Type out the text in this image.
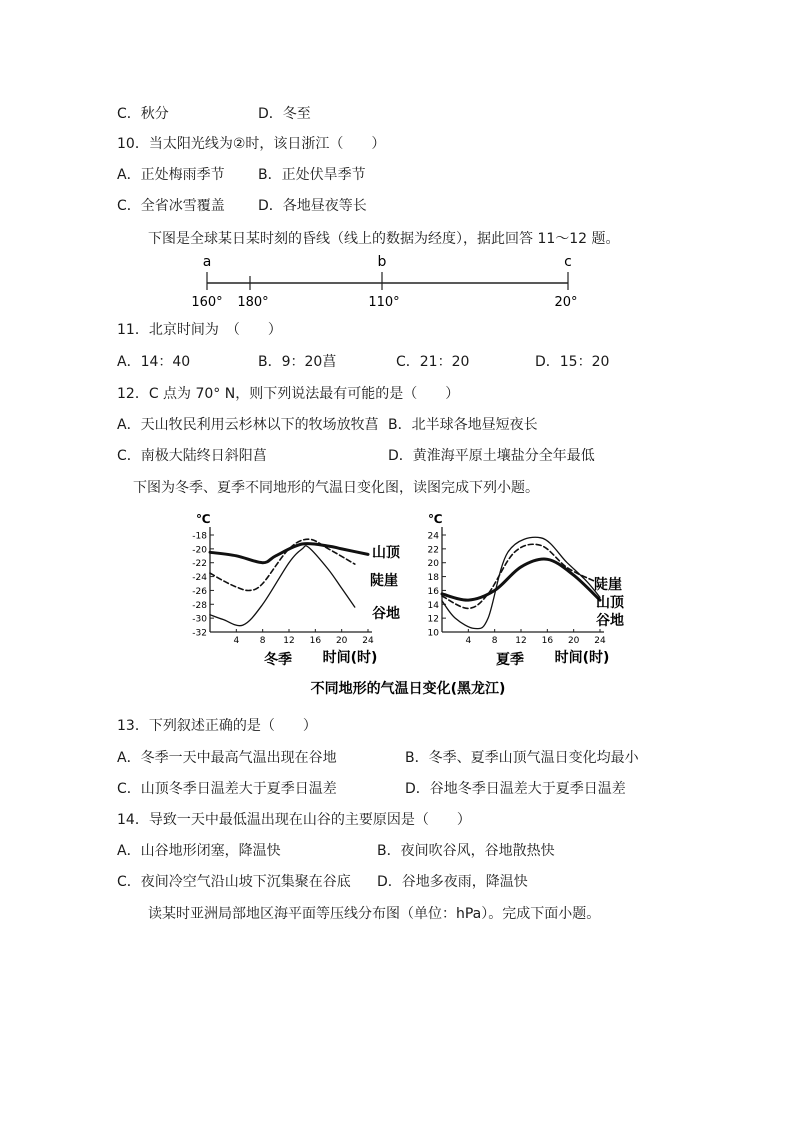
C．秋分	D．冬至
10．当太阳光线为②时，该日浙江（　　）
A．正处梅雨季节 B．正处伏旱季节
C．全省冰雪覆盖 D．各地昼夜等长
下图是全球某日某时刻的昏线（线上的数据为经度），据此回答 11～12 题。
a	b	c
160° 180°	110°	20°
11．北京时间为　（　　）
A．14：40	B．9：20菖	C．21：20	D．15：20
12．C 点为 70° N，则下列说法最有可能的是（　　）
A．天山牧民利用云杉林以下的牧场放牧菖 B．北半球各地昼短夜长
C．南极大陆终日斜阳菖	D．黄淮海平原土壤盐分全年最低
下图为冬季、夏季不同地形的气温日变化图，读图完成下列小题。
℃
-18
-20
-22
-24
-26
-28
-30
-32
4 8 12 16 20 24
冬季 时间(时)
℃
24
22
20
18
16
14
12
10
4 8 12 16 20 24
夏季 时间(时)
山顶
陡崖
谷地
陡崖
山顶
谷地
不同地形的气温日变化(黑龙江)
13．下列叙述正确的是（　　）
A．冬季一天中最高气温出现在谷地	B．冬季、夏季山顶气温日变化均最小
C．山顶冬季日温差大于夏季日温差	D．谷地冬季日温差大于夏季日温差
14．导致一天中最低温出现在山谷的主要原因是（　　）
A．山谷地形闭塞，降温快	B．夜间吹谷风，谷地散热快
C．夜间冷空气沿山坡下沉集聚在谷底 D．谷地多夜雨，降温快
读某时亚洲局部地区海平面等压线分布图（单位：hPa）。完成下面小题。
